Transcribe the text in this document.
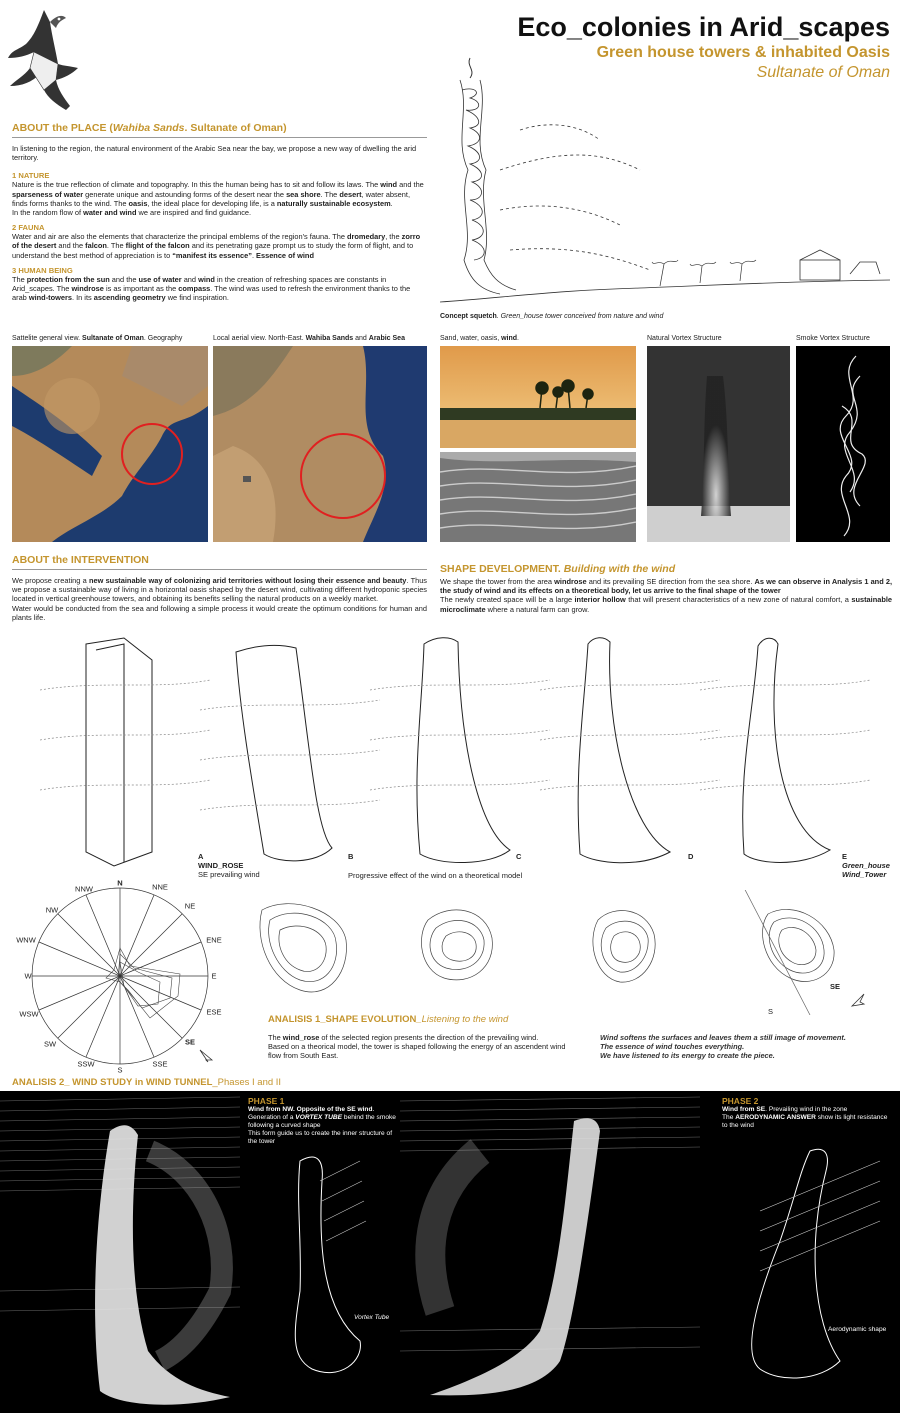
Eco_colonies in Arid_scapes
Green house towers & inhabited Oasis
Sultanate of Oman
ABOUT the PLACE (Wahiba Sands. Sultanate of Oman)
In listening to the region, the natural environment of the Arabic Sea near the bay, we propose a new way of dwelling the arid territory.
1 NATURE
Nature is the true reflection of climate and topography. In this the human being has to sit and follow its laws. The wind and the sparseness of water generate unique and astounding forms of the desert near the sea shore. The desert, water absent, finds forms thanks to the wind. The oasis, the ideal place for developing life, is a naturally sustainable ecosystem.
In the random flow of water and wind we are inspired and find guidance.
2 FAUNA
Water and air are also the elements that characterize the principal emblems of the region's fauna. The dromedary, the zorro of the desert and the falcon. The flight of the falcon and its penetrating gaze prompt us to study the form of flight, and to understand the best method of appreciation is to “manifest its essence”. Essence of wind
3 HUMAN BEING
The protection from the sun and the use of water and wind in the creation of refreshing spaces are constants in Arid_scapes. The windrose is as important as the compass. The wind was used to refresh the environment thanks to the arab wind-towers. In its ascending geometry we find inspiration.
Concept squetch. Green_house tower conceived from nature and wind
Sattelite general view. Sultanate of Oman. Geography	Local aerial view. North-East. Wahiba Sands and Arabic Sea	Sand, water, oasis, wind.	Natural Vortex Structure	Smoke Vortex Structure
ABOUT the INTERVENTION
We propose creating a new sustainable way of colonizing arid territories without losing their essence and beauty. Thus we propose a sustainable way of living in a horizontal oasis shaped by the desert wind, cultivating different hydroponic species located in vertical greenhouse towers, and obtaining its benefits selling the natural products on a weekly market.
Water would be conducted from the sea and following a simple process it would create the optimum conditions for human and plants life.
SHAPE DEVELOPMENT. Building with the wind
We shape the tower from the area windrose and its prevailing SE direction from the sea shore. As we can observe in Analysis 1 and 2, the study of wind and its effects on a theoretical body, let us arrive to the final shape of the tower
The newly created space will be a large interior hollow that will present characteristics of a new zone of natural comfort, a sustainable microclimate where a natural farm can grow.
A
WIND_ROSE
SE prevailing wind
B	C	D	E
Green_house
Wind_Tower
Progressive effect of the wind on a theoretical model
N	NNE
NE
ENE
E
ESE
SE
SSE
S
SSW
SW
WSW
W
WNW
NW
NNW
S
SE
ANALISIS 1_SHAPE EVOLUTION_Listening to the wind
The wind_rose of the selected region presents the direction of the prevailing wind.
Based on a theorical model, the tower is shaped following the energy of an ascendent wind flow from South East.
Wind softens the surfaces and leaves them a still image of movement.
The essence of wind touches everything.
We have listened to its energy to create the piece.
ANALISIS 2_ WIND STUDY in WIND TUNNEL_Phases I and II
PHASE 1
Wind from NW. Opposite of the SE wind.
Generation of a VORTEX TUBE behind the smoke following a curved shape
This form guide us to create the inner structure of the tower
PHASE 2
Wind from SE. Prevailing wind in the zone
The AERODYNAMIC ANSWER show its light resistance to the wind
Vortex Tube
Aerodynamic shape
